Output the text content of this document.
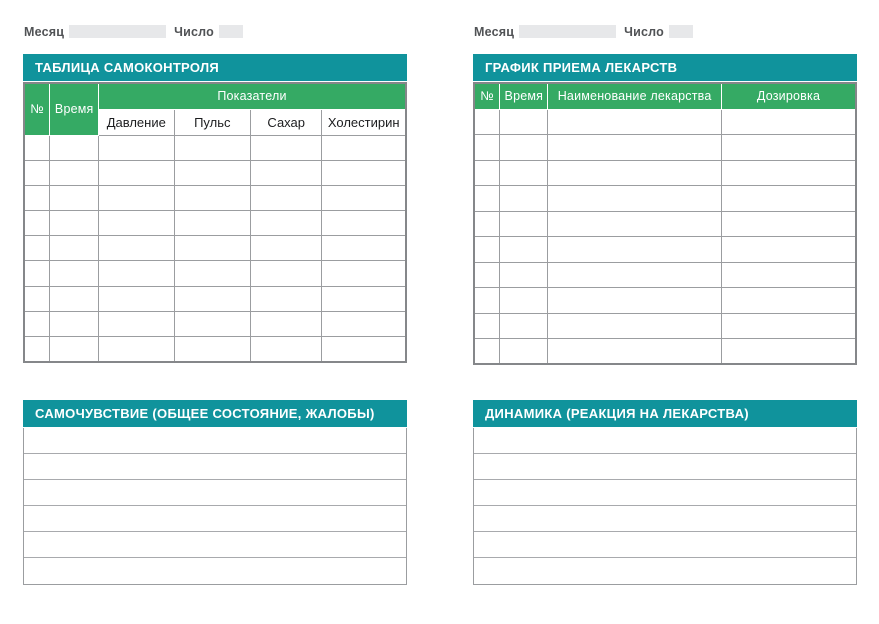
Месяц	Число
ТАБЛИЦА САМОКОНТРОЛЯ
№	Время	Показатели			
		Давление	Пульс	Сахар	Холестирин

САМОЧУВСТВИЕ (ОБЩЕЕ СОСТОЯНИЕ, ЖАЛОБЫ)
Месяц	Число
ГРАФИК ПРИЕМА ЛЕКАРСТВ
№	Время	Наименование лекарства	Дозировка

ДИНАМИКА (РЕАКЦИЯ НА ЛЕКАРСТВА)
